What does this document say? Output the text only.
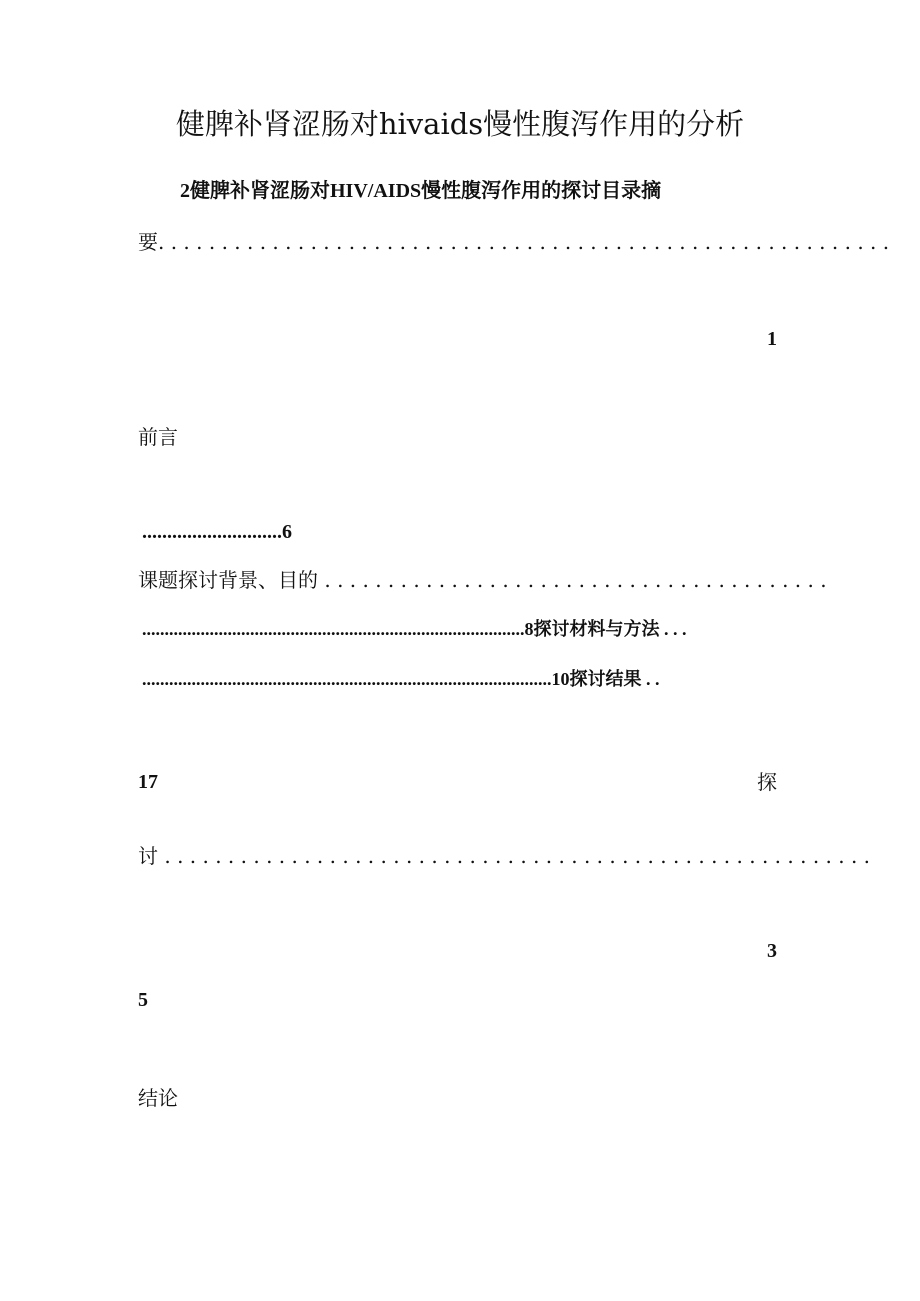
健脾补肾涩肠对hivaids慢性腹泻作用的分析
2健脾补肾涩肠对HIV/AIDS慢性腹泻作用的探讨目录摘
要. . . . . . . . . . . . . . . . . . . . . . . . . . . . . . . . . . . . . . . . . . . . . . . . . . . . . . . . . .
1
前言
............................6
课题探讨背景、目的 . . . . . . . . . . . . . . . . . . . . . . . . . . . . . . . . . . . . . . . .
.....................................................................................8探讨材料与方法 . . .
...........................................................................................10探讨结果 . .
17	探
讨 . . . . . . . . . . . . . . . . . . . . . . . . . . . . . . . . . . . . . . . . . . . . . . . . . . . . . . . .
3
5
结论
